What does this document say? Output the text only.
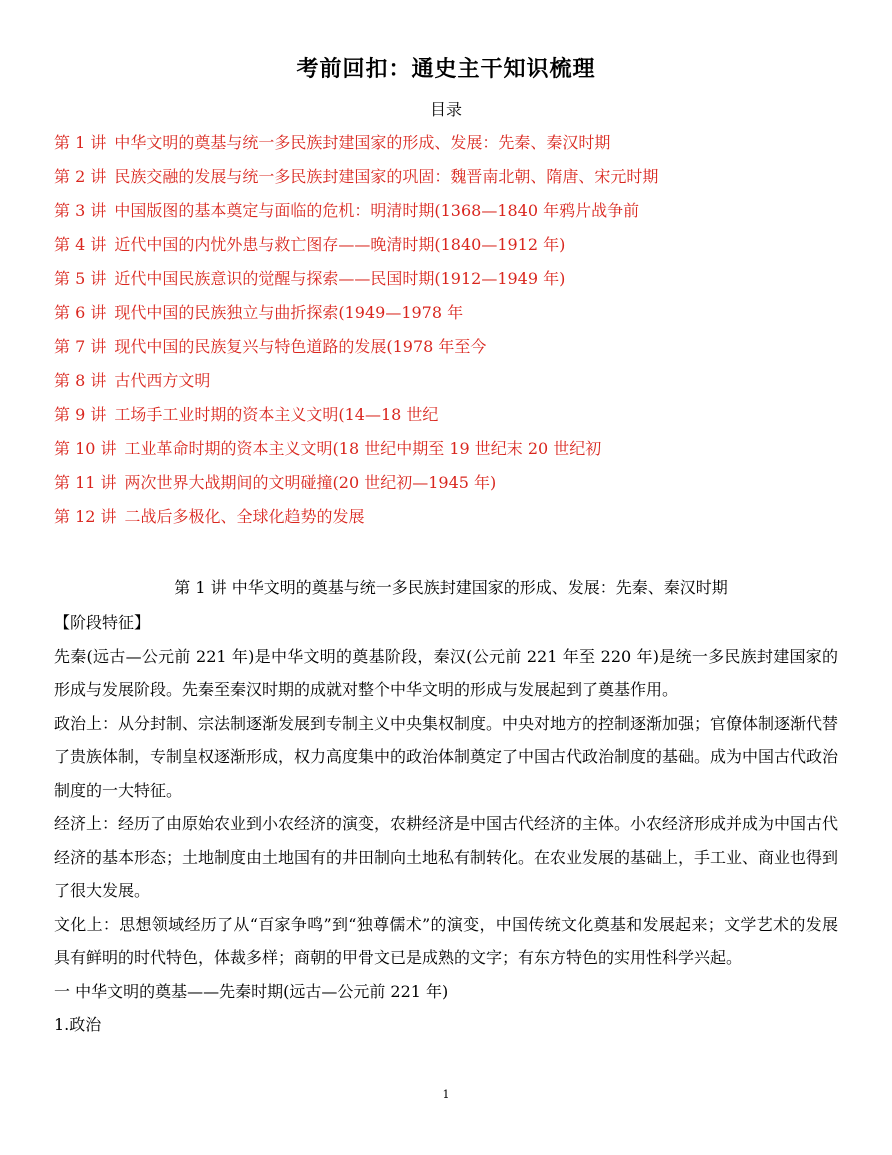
考前回扣：通史主干知识梳理
目录
第 1 讲 中华文明的奠基与统一多民族封建国家的形成、发展：先秦、秦汉时期
第 2 讲 民族交融的发展与统一多民族封建国家的巩固：魏晋南北朝、隋唐、宋元时期
第 3 讲 中国版图的基本奠定与面临的危机：明清时期(1368—1840 年鸦片战争前
第 4 讲 近代中国的内忧外患与救亡图存——晚清时期(1840—1912 年)
第 5 讲 近代中国民族意识的觉醒与探索——民国时期(1912—1949 年)
第 6 讲 现代中国的民族独立与曲折探索(1949—1978 年
第 7 讲 现代中国的民族复兴与特色道路的发展(1978 年至今
第 8 讲 古代西方文明
第 9 讲 工场手工业时期的资本主义文明(14—18 世纪
第 10 讲 工业革命时期的资本主义文明(18 世纪中期至 19 世纪末 20 世纪初
第 11 讲 两次世界大战期间的文明碰撞(20 世纪初—1945 年)
第 12 讲 二战后多极化、全球化趋势的发展
第 1 讲 中华文明的奠基与统一多民族封建国家的形成、发展：先秦、秦汉时期

【阶段特征】

先秦(远古—公元前 221 年)是中华文明的奠基阶段，秦汉(公元前 221 年至 220 年)是统一多民族封建国家的形成与发展阶段。先秦至秦汉时期的成就对整个中华文明的形成与发展起到了奠基作用。

政治上：从分封制、宗法制逐渐发展到专制主义中央集权制度。中央对地方的控制逐渐加强；官僚体制逐渐代替了贵族体制，专制皇权逐渐形成，权力高度集中的政治体制奠定了中国古代政治制度的基础。成为中国古代政治制度的一大特征。

经济上：经历了由原始农业到小农经济的演变，农耕经济是中国古代经济的主体。小农经济形成并成为中国古代经济的基本形态；土地制度由土地国有的井田制向土地私有制转化。在农业发展的基础上，手工业、商业也得到了很大发展。

文化上：思想领域经历了从“百家争鸣”到“独尊儒术”的演变，中国传统文化奠基和发展起来；文学艺术的发展具有鲜明的时代特色，体裁多样；商朝的甲骨文已是成熟的文字；有东方特色的实用性科学兴起。

一 中华文明的奠基——先秦时期(远古—公元前 221 年)

1.政治

1
